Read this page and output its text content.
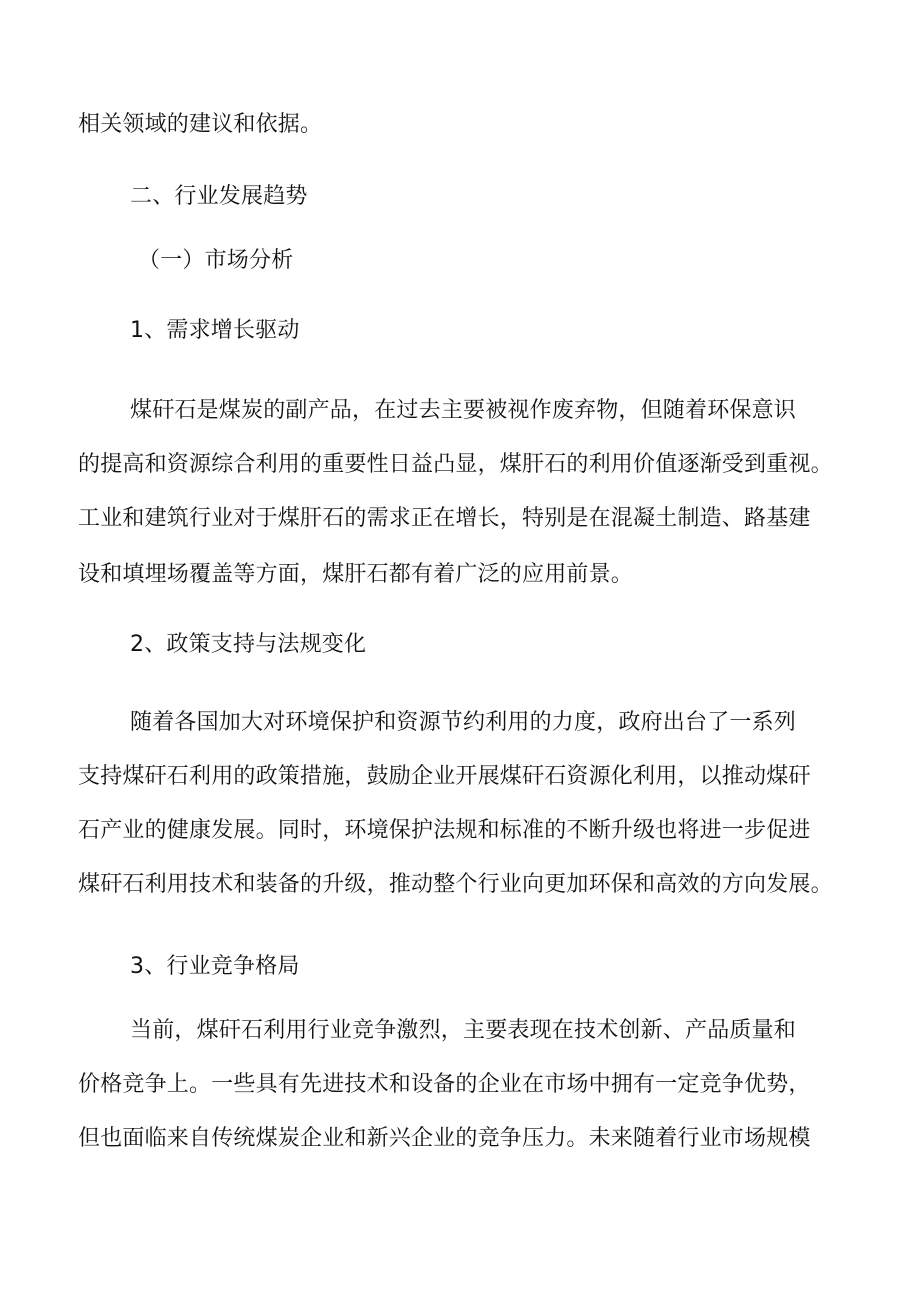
相关领域的建议和依据。
二、行业发展趋势
（一）市场分析
1、需求增长驱动
煤矸石是煤炭的副产品，在过去主要被视作废弃物，但随着环保意识
的提高和资源综合利用的重要性日益凸显，煤肝石的利用价值逐渐受到重视。
工业和建筑行业对于煤肝石的需求正在增长，特别是在混凝土制造、路基建
设和填埋场覆盖等方面，煤肝石都有着广泛的应用前景。
2、政策支持与法规变化
随着各国加大对环境保护和资源节约利用的力度，政府出台了一系列
支持煤矸石利用的政策措施，鼓励企业开展煤矸石资源化利用，以推动煤矸
石产业的健康发展。同时，环境保护法规和标准的不断升级也将进一步促进
煤矸石利用技术和装备的升级，推动整个行业向更加环保和高效的方向发展。
3、行业竞争格局
当前，煤矸石利用行业竞争激烈，主要表现在技术创新、产品质量和
价格竞争上。一些具有先进技术和设备的企业在市场中拥有一定竞争优势，
但也面临来自传统煤炭企业和新兴企业的竞争压力。未来随着行业市场规模
